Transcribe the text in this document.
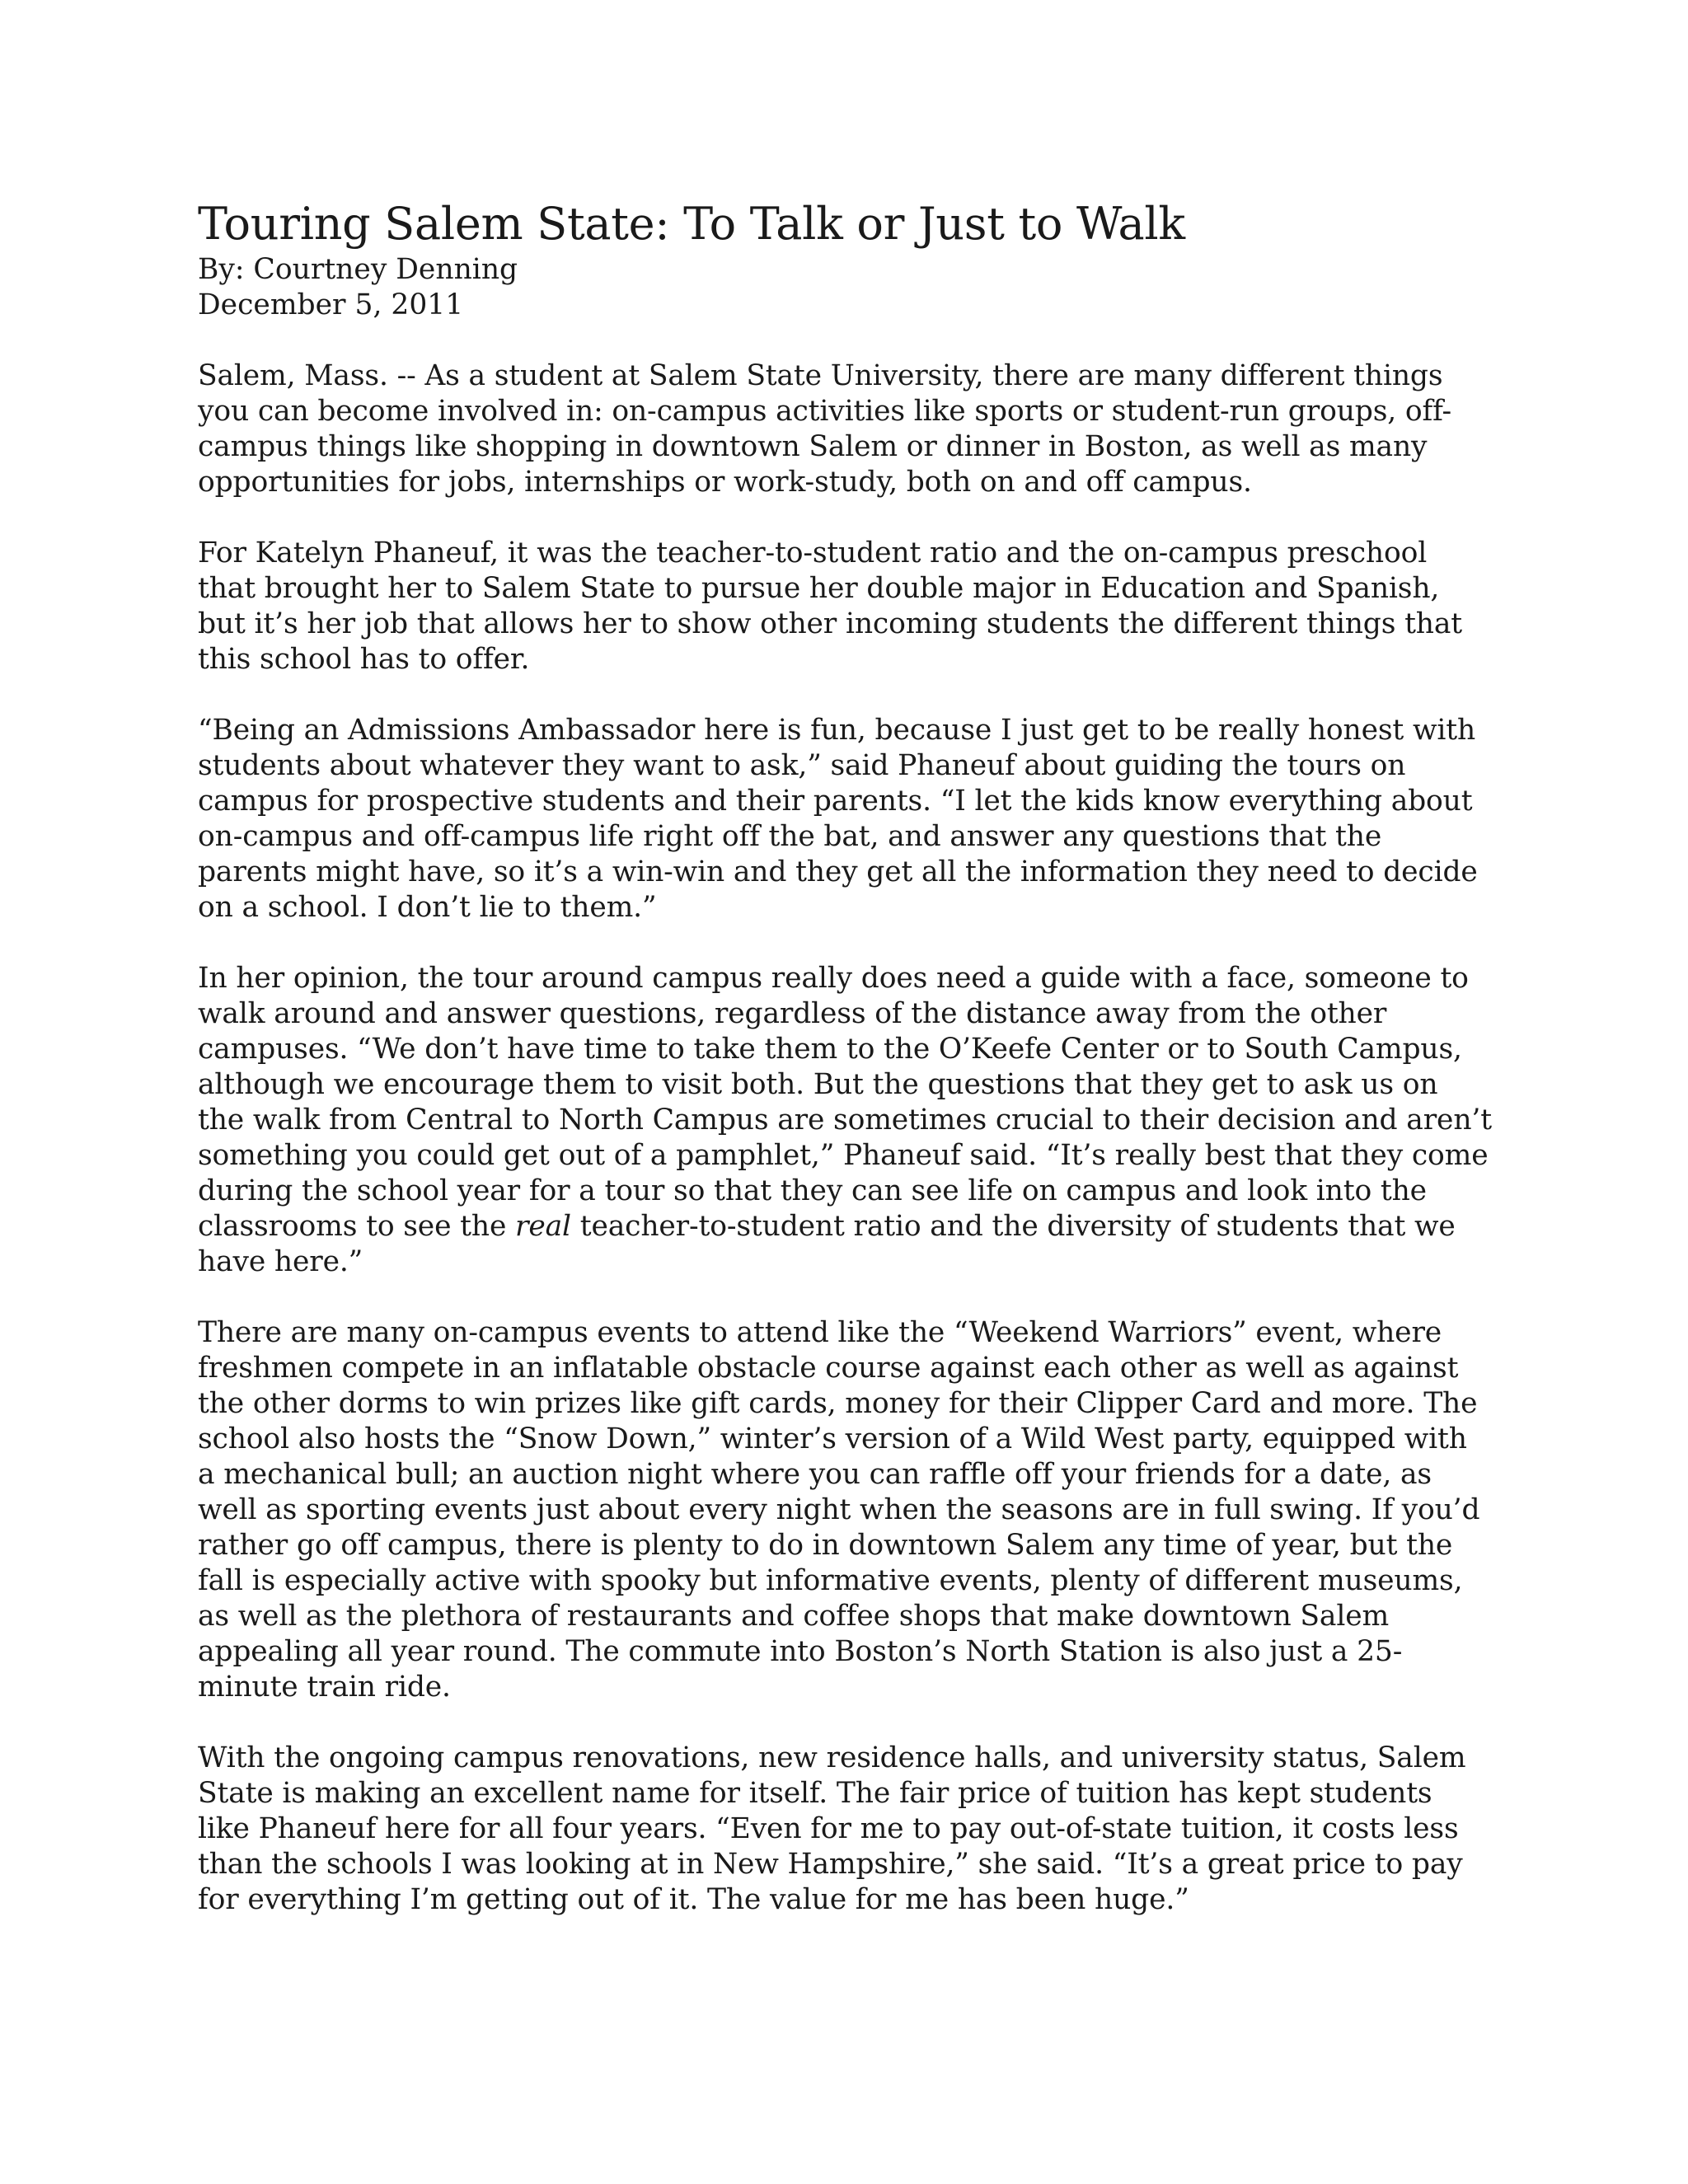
Touring Salem State: To Talk or Just to Walk

By: Courtney Denning

December 5, 2011

Salem, Mass. -- As a student at Salem State University, there are many different things you can become involved in: on-campus activities like sports or student-run groups, off-campus things like shopping in downtown Salem or dinner in Boston, as well as many opportunities for jobs, internships or work-study, both on and off campus.

For Katelyn Phaneuf, it was the teacher-to-student ratio and the on-campus preschool that brought her to Salem State to pursue her double major in Education and Spanish, but it’s her job that allows her to show other incoming students the different things that this school has to offer.

“Being an Admissions Ambassador here is fun, because I just get to be really honest with students about whatever they want to ask,” said Phaneuf about guiding the tours on campus for prospective students and their parents. “I let the kids know everything about on-campus and off-campus life right off the bat, and answer any questions that the parents might have, so it’s a win-win and they get all the information they need to decide on a school. I don’t lie to them.”

In her opinion, the tour around campus really does need a guide with a face, someone to walk around and answer questions, regardless of the distance away from the other campuses. “We don’t have time to take them to the O’Keefe Center or to South Campus, although we encourage them to visit both. But the questions that they get to ask us on the walk from Central to North Campus are sometimes crucial to their decision and aren’t something you could get out of a pamphlet,” Phaneuf said. “It’s really best that they come during the school year for a tour so that they can see life on campus and look into the classrooms to see the real teacher-to-student ratio and the diversity of students that we have here.”

There are many on-campus events to attend like the “Weekend Warriors” event, where freshmen compete in an inflatable obstacle course against each other as well as against the other dorms to win prizes like gift cards, money for their Clipper Card and more. The school also hosts the “Snow Down,” winter’s version of a Wild West party, equipped with a mechanical bull; an auction night where you can raffle off your friends for a date, as well as sporting events just about every night when the seasons are in full swing. If you’d rather go off campus, there is plenty to do in downtown Salem any time of year, but the fall is especially active with spooky but informative events, plenty of different museums, as well as the plethora of restaurants and coffee shops that make downtown Salem appealing all year round. The commute into Boston’s North Station is also just a 25-minute train ride.

With the ongoing campus renovations, new residence halls, and university status, Salem State is making an excellent name for itself. The fair price of tuition has kept students like Phaneuf here for all four years. “Even for me to pay out-of-state tuition, it costs less than the schools I was looking at in New Hampshire,” she said. “It’s a great price to pay for everything I’m getting out of it. The value for me has been huge.”
